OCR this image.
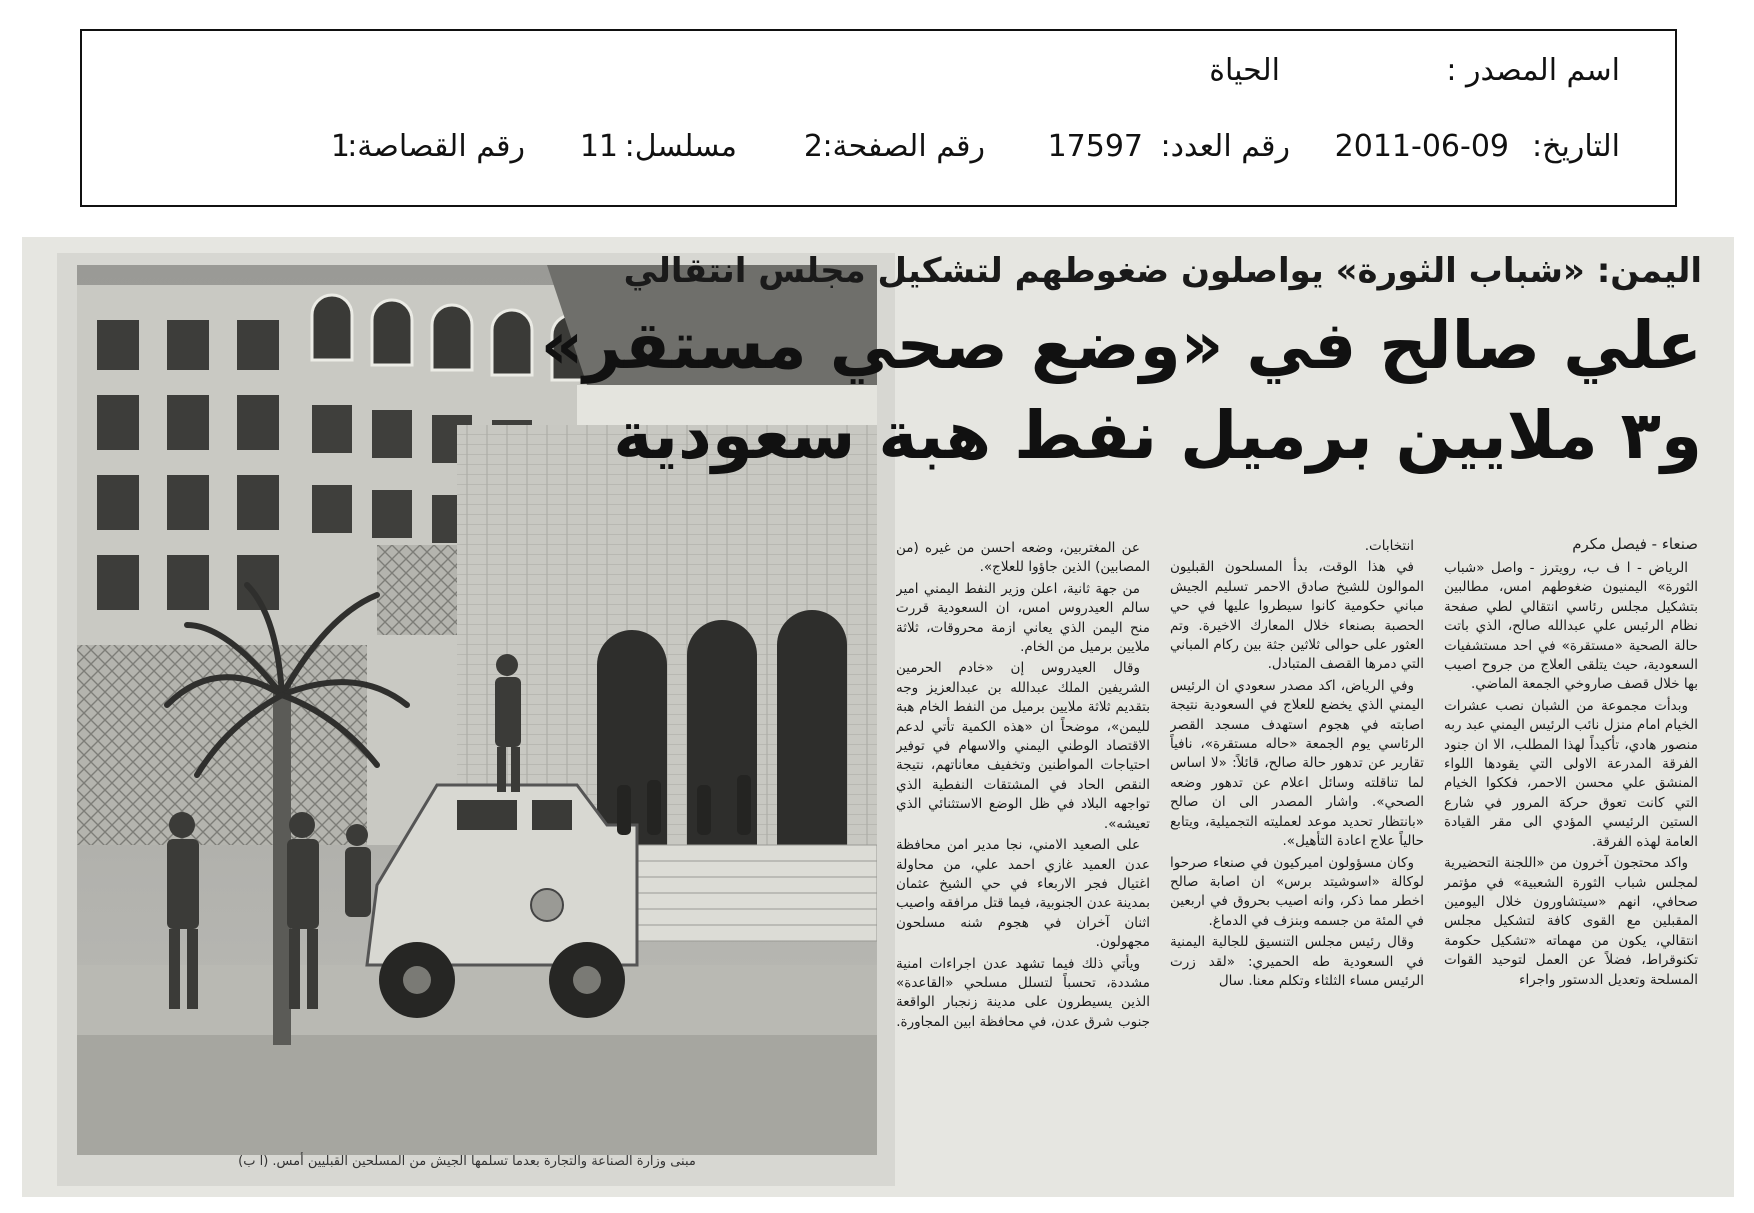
اسم المصدر :
الحياة
التاريخ:
2011-06-09
رقم العدد:
17597
رقم الصفحة:
2
مسلسل:
11
رقم القصاصة:
1
مبنى وزارة الصناعة والتجارة بعدما تسلمها الجيش من المسلحين القبليين أمس. (ا ب)
اليمن: «شباب الثورة» يواصلون ضغوطهم لتشكيل مجلس انتقالي
علي صالح في «وضع صحي مستقر»
و٣ ملايين برميل نفط هبة سعودية
صنعاء - فيصل مكرم

الرياض - ا ف ب، رويترز - واصل «شباب الثورة» اليمنيون ضغوطهم امس، مطالبين بتشكيل مجلس رئاسي انتقالي لطي صفحة نظام الرئيس علي عبدالله صالح، الذي باتت حالة الصحية «مستقرة» في احد مستشفيات السعودية، حيث يتلقى العلاج من جروح اصيب بها خلال قصف صاروخي الجمعة الماضي.

وبدأت مجموعة من الشبان نصب عشرات الخيام امام منزل نائب الرئيس اليمني عبد ربه منصور هادي، تأكيداً لهذا المطلب، الا ان جنود الفرقة المدرعة الاولى التي يقودها اللواء المنشق علي محسن الاحمر، فككوا الخيام التي كانت تعوق حركة المرور في شارع الستين الرئيسي المؤدي الى مقر القيادة العامة لهذه الفرقة.

واكد محتجون آخرون من «اللجنة التحضيرية لمجلس شباب الثورة الشعبية» في مؤتمر صحافي، انهم «سيتشاورون خلال اليومين المقبلين مع القوى كافة لتشكيل مجلس انتقالي، يكون من مهماته «تشكيل حكومة تكنوقراط، فضلاً عن العمل لتوحيد القوات المسلحة وتعديل الدستور واجراء

انتخابات.

في هذا الوقت، بدأ المسلحون القبليون الموالون للشيخ صادق الاحمر تسليم الجيش مباني حكومية كانوا سيطروا عليها في حي الحصبة بصنعاء خلال المعارك الاخيرة. وتم العثور على حوالى ثلاثين جثة بين ركام المباني التي دمرها القصف المتبادل.

وفي الرياض، اكد مصدر سعودي ان الرئيس اليمني الذي يخضع للعلاج في السعودية نتيجة اصابته في هجوم استهدف مسجد القصر الرئاسي يوم الجمعة «حاله مستقرة»، نافياً تقارير عن تدهور حالة صالح، قائلاً: «لا اساس لما تناقلته وسائل اعلام عن تدهور وضعه الصحي». واشار المصدر الى ان صالح «بانتظار تحديد موعد لعمليته التجميلية، ويتابع حالياً علاج اعادة التأهيل».

وكان مسؤولون اميركيون في صنعاء صرحوا لوكالة «اسوشيتد برس» ان اصابة صالح اخطر مما ذكر، وانه اصيب بحروق في اربعين في المئة من جسمه وبنزف في الدماغ.

وقال رئيس مجلس التنسيق للجالية اليمنية في السعودية طه الحميري: «لقد زرت الرئيس مساء الثلثاء وتكلم معنا. سال

عن المغتربين، وضعه احسن من غيره (من المصابين) الذين جاؤوا للعلاج».

من جهة ثانية، اعلن وزير النفط اليمني امير سالم العيدروس امس، ان السعودية قررت منح اليمن الذي يعاني ازمة محروقات، ثلاثة ملايين برميل من الخام.

وقال العيدروس إن «خادم الحرمين الشريفين الملك عبدالله بن عبدالعزيز وجه بتقديم ثلاثة ملايين برميل من النفط الخام هبة لليمن»، موضحاً ان «هذه الكمية تأتي لدعم الاقتصاد الوطني اليمني والاسهام في توفير احتياجات المواطنين وتخفيف معاناتهم، نتيجة النقص الحاد في المشتقات النفطية الذي تواجهه البلاد في ظل الوضع الاستثنائي الذي تعيشه».

على الصعيد الامني، نجا مدير امن محافظة عدن العميد غازي احمد علي، من محاولة اغتيال فجر الاربعاء في حي الشيخ عثمان بمدينة عدن الجنوبية، فيما قتل مرافقه واصيب اثنان آخران في هجوم شنه مسلحون مجهولون.

ويأتي ذلك فيما تشهد عدن اجراءات امنية مشددة، تحسباً لتسلل مسلحي «القاعدة» الذين يسيطرون على مدينة زنجبار الواقعة جنوب شرق عدن، في محافظة ابين المجاورة.
